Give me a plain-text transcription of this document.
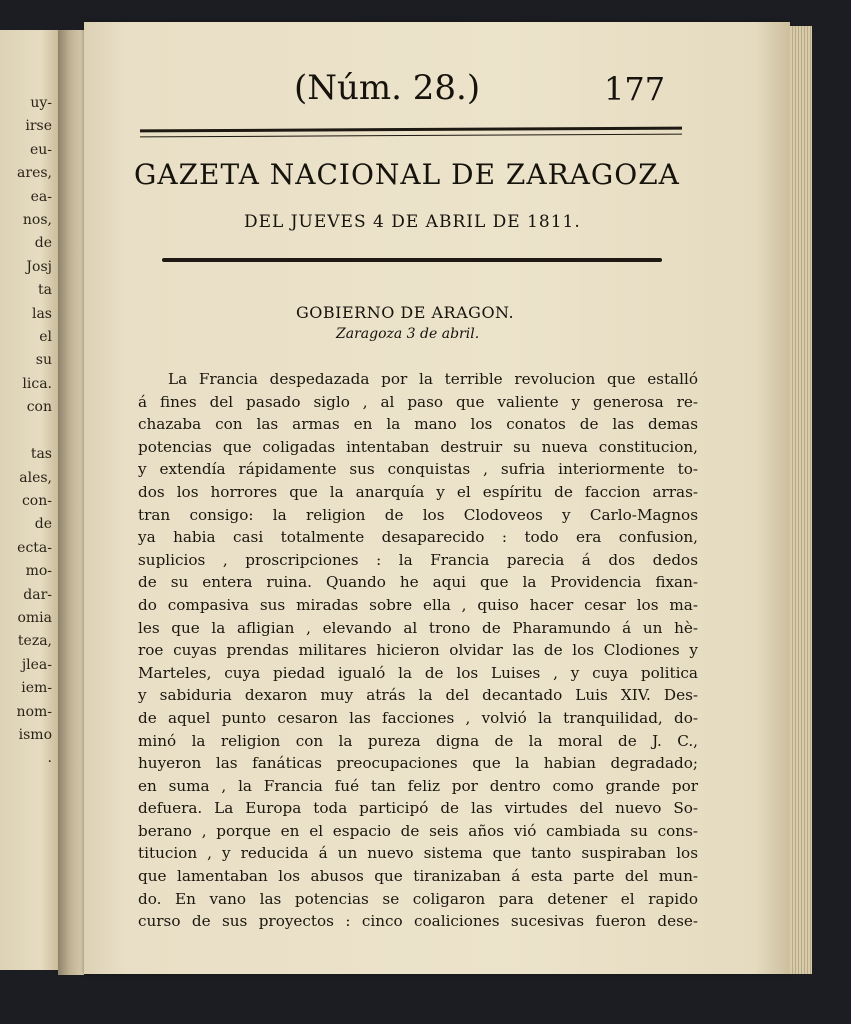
uy-
irse
eu-
ares,
ea-
nos,
de
Josj
ta
las
el
su
lica.
con

tas
ales,
con-
de
ecta-
mo-
dar-
omia
teza,
jlea-
iem-
nom-
ismo
.
(Núm. 28.)	177
GAZETA NACIONAL DE ZARAGOZA
DEL JUEVES 4 DE ABRIL DE 1811.
GOBIERNO DE ARAGON.
Zaragoza 3 de abril.
La Francia despedazada por la terrible revolucion que estalló
á fines del pasado siglo , al paso que valiente y generosa re-
chazaba con las armas en la mano los conatos de las demas
potencias que coligadas intentaban destruir su nueva constitucion,
y extendía rápidamente sus conquistas , sufria interiormente to-
dos los horrores que la anarquía y el espíritu de faccion arras-
tran consigo: la religion de los Clodoveos y Carlo-Magnos
ya habia casi totalmente desaparecido : todo era confusion,
suplicios , proscripciones : la Francia parecia á dos dedos
de su entera ruina. Quando he aqui que la Providencia fixan-
do compasiva sus miradas sobre ella , quiso hacer cesar los ma-
les que la afligian , elevando al trono de Pharamundo á un hè-
roe cuyas prendas militares hicieron olvidar las de los Clodiones y
Marteles, cuya piedad igualó la de los Luises , y cuya politica
y sabiduria dexaron muy atrás la del decantado Luis XIV. Des-
de aquel punto cesaron las facciones , volvió la tranquilidad, do-
minó la religion con la pureza digna de la moral de J. C.,
huyeron las fanáticas preocupaciones que la habian degradado;
en suma , la Francia fué tan feliz por dentro como grande por
defuera. La Europa toda participó de las virtudes del nuevo So-
berano , porque en el espacio de seis años vió cambiada su cons-
titucion , y reducida á un nuevo sistema que tanto suspiraban los
que lamentaban los abusos que tiranizaban á esta parte del mun-
do. En vano las potencias se coligaron para detener el rapido
curso de sus proyectos : cinco coaliciones sucesivas fueron dese-
